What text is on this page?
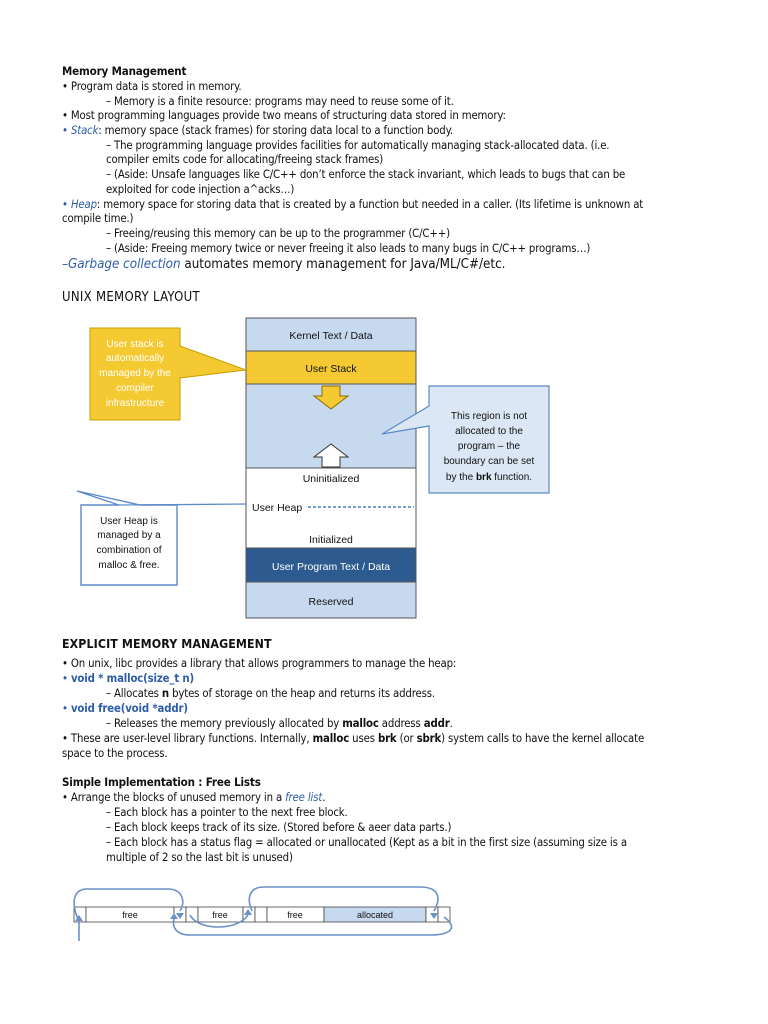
Memory Management
• Program data is stored in memory.
– Memory is a finite resource: programs may need to reuse some of it.
• Most programming languages provide two means of structuring data stored in memory:
• Stack: memory space (stack frames) for storing data local to a function body.
– The programming language provides facilities for automatically managing stack-allocated data. (i.e.
compiler emits code for allocating/freeing stack frames)
– (Aside: Unsafe languages like C/C++ don’t enforce the stack invariant, which leads to bugs that can be
exploited for code injection a^acks…)
• Heap: memory space for storing data that is created by a function but needed in a caller. (Its lifetime is unknown at
compile time.)
– Freeing/reusing this memory can be up to the programmer (C/C++)
– (Aside: Freeing memory twice or never freeing it also leads to many bugs in C/C++ programs…)
–Garbage collection automates memory management for Java/ML/C#/etc.
UNIX MEMORY LAYOUT
Kernel Text / Data
User Stack
Uninitialized
User Heap
Initialized
User Program Text / Data
Reserved
User stack is
automatically
managed by the
compiler
infrastructure
This region is not
allocated to the
program – the
boundary can be set
by the brk function.
User Heap is
managed by a
combination of
malloc & free.
EXPLICIT MEMORY MANAGEMENT
• On unix, libc provides a library that allows programmers to manage the heap:
• void * malloc(size_t n)
– Allocates n bytes of storage on the heap and returns its address.
• void free(void *addr)
– Releases the memory previously allocated by malloc address addr.
• These are user-level library functions. Internally, malloc uses brk (or sbrk) system calls to have the kernel allocate
space to the process.
Simple Implementation : Free Lists
• Arrange the blocks of unused memory in a free list.
– Each block has a pointer to the next free block.
– Each block keeps track of its size. (Stored before & aeer data parts.)
– Each block has a status flag = allocated or unallocated (Kept as a bit in the first size (assuming size is a
multiple of 2 so the last bit is unused)
free	free	free	allocated
